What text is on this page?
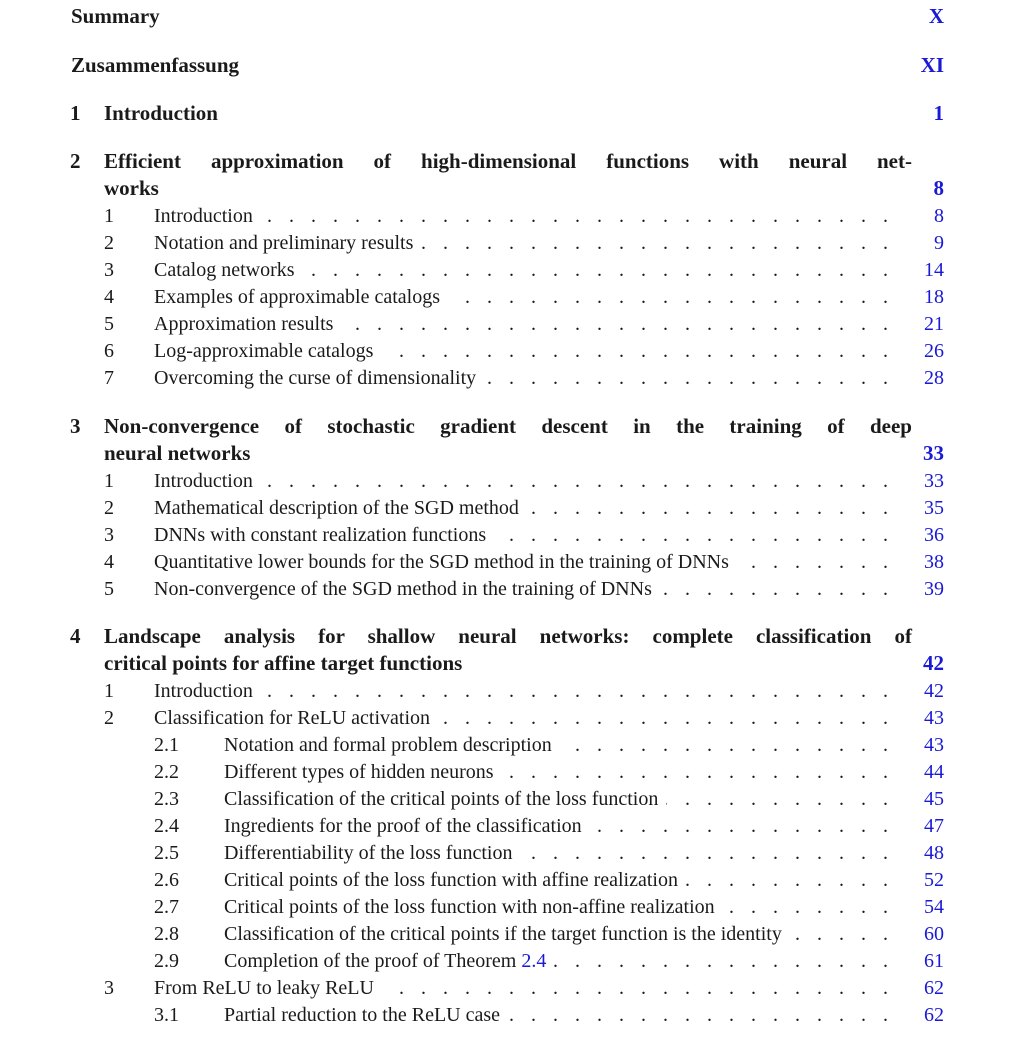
Summary	X
Zusammenfassung	XI
1 Introduction	1
2 Efficient approximation of high-dimensional functions with neural net-
works	8
1 Introduction . . .	8
2 Notation and preliminary results . . .	9
3 Catalog networks . . .	14
4 Examples of approximable catalogs . . .	18
5 Approximation results . . .	21
6 Log-approximable catalogs . . .	26
7 Overcoming the curse of dimensionality . . .	28
3 Non-convergence of stochastic gradient descent in the training of deep
neural networks	33
1 Introduction . . .	33
2 Mathematical description of the SGD method . . .	35
3 DNNs with constant realization functions . . .	36
4 Quantitative lower bounds for the SGD method in the training of DNNs . . .	38
5 Non-convergence of the SGD method in the training of DNNs . . .	39
4 Landscape analysis for shallow neural networks: complete classification of
critical points for affine target functions	42
1 Introduction . . .	42
2 Classification for ReLU activation . . .	43
2.1 Notation and formal problem description . . .	43
2.2 Different types of hidden neurons . . .	44
2.3 Classification of the critical points of the loss function . . .	45
2.4 Ingredients for the proof of the classification . . .	47
2.5 Differentiability of the loss function . . .	48
2.6 Critical points of the loss function with affine realization . . .	52
2.7 Critical points of the loss function with non-affine realization . . .	54
2.8 Classification of the critical points if the target function is the identity . . .	60
2.9 Completion of the proof of Theorem 2.4 . . .	61
3 From ReLU to leaky ReLU . . .	62
3.1 Partial reduction to the ReLU case . . .	62
